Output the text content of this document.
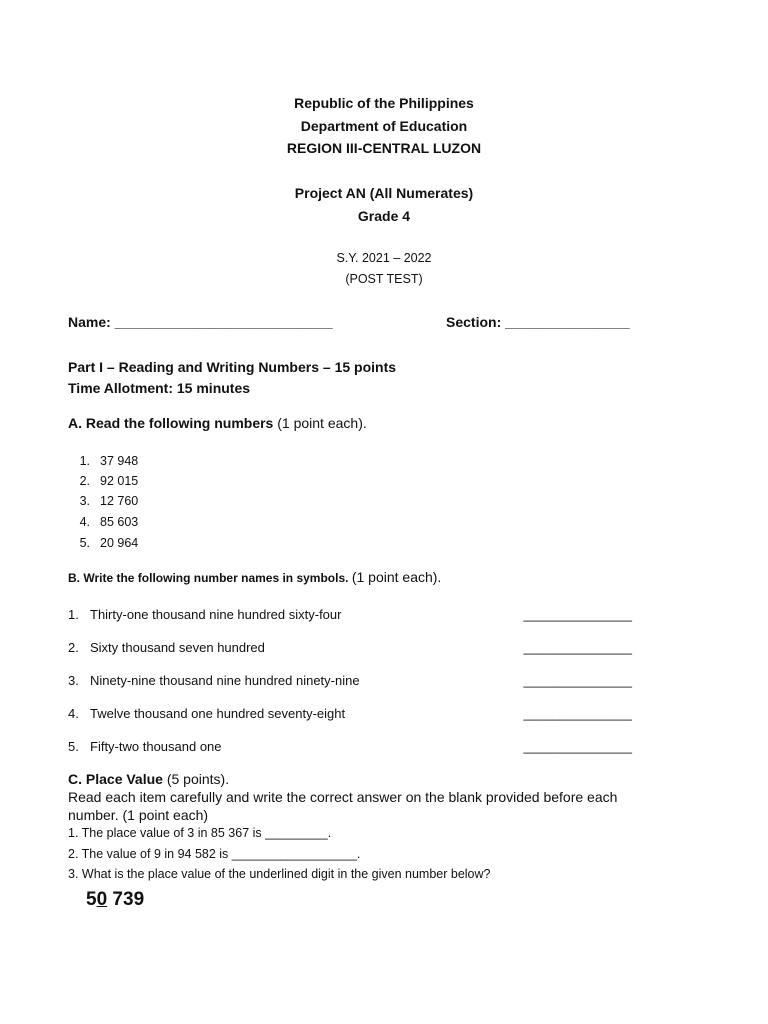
Republic of the Philippines
Department of Education
REGION III-CENTRAL LUZON
Project AN (All Numerates)
Grade 4
S.Y. 2021 – 2022
(POST TEST)
Name: ____________________________	Section: ________________
Part I – Reading and Writing Numbers – 15 points
Time Allotment: 15 minutes
A. Read the following numbers (1 point each).
1. 37 948
2. 92 015
3. 12 760
4. 85 603
5. 20 964
B. Write the following number names in symbols. (1 point each).
1. Thirty-one thousand nine hundred sixty-four	_______________
2. Sixty thousand seven hundred	_______________
3. Ninety-nine thousand nine hundred ninety-nine	_______________
4. Twelve thousand one hundred seventy-eight	_______________
5. Fifty-two thousand one	_______________
C. Place Value (5 points).
Read each item carefully and write the correct answer on the blank provided before each
number. (1 point each)
1. The place value of 3 in 85 367 is _________.
2. The value of 9 in 94 582 is __________________.
3. What is the place value of the underlined digit in the given number below?
50 739
